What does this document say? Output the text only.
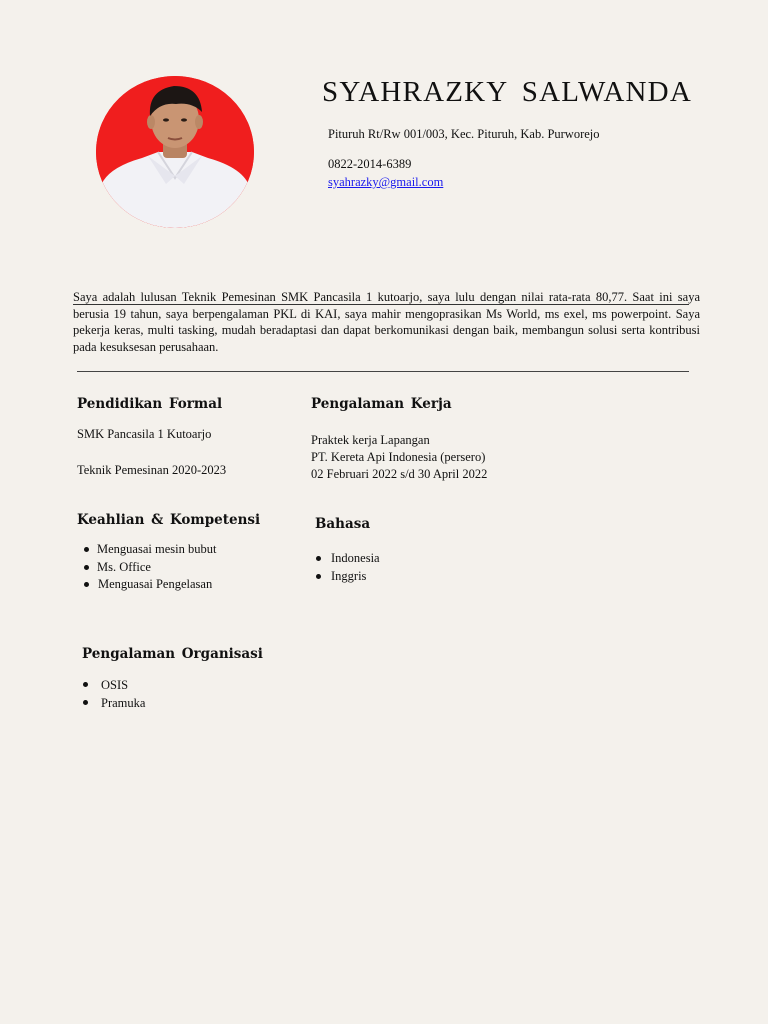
SYAHRAZKY SALWANDA
Pituruh Rt/Rw 001/003, Kec. Pituruh, Kab. Purworejo
0822-2014-6389
syahrazky@gmail.com
Saya adalah lulusan Teknik Pemesinan SMK Pancasila 1 kutoarjo, saya lulu dengan nilai rata-rata 80,77. Saat ini saya berusia 19 tahun, saya berpengalaman PKL di KAI, saya mahir mengoprasikan Ms World, ms exel, ms powerpoint. Saya pekerja keras, multi tasking, mudah beradaptasi dan dapat berkomunikasi dengan baik, membangun solusi serta kontribusi pada kesuksesan perusahaan.
Pendidikan Formal
SMK Pancasila 1 Kutoarjo
Teknik Pemesinan 2020-2023
Pengalaman Kerja
Praktek kerja Lapangan
PT. Kereta Api Indonesia (persero)
02 Februari 2022 s/d 30 April 2022
Keahlian & Kompetensi
Menguasai mesin bubut
Ms. Office
Menguasai Pengelasan
Bahasa
Indonesia
Inggris
Pengalaman Organisasi
OSIS
Pramuka
